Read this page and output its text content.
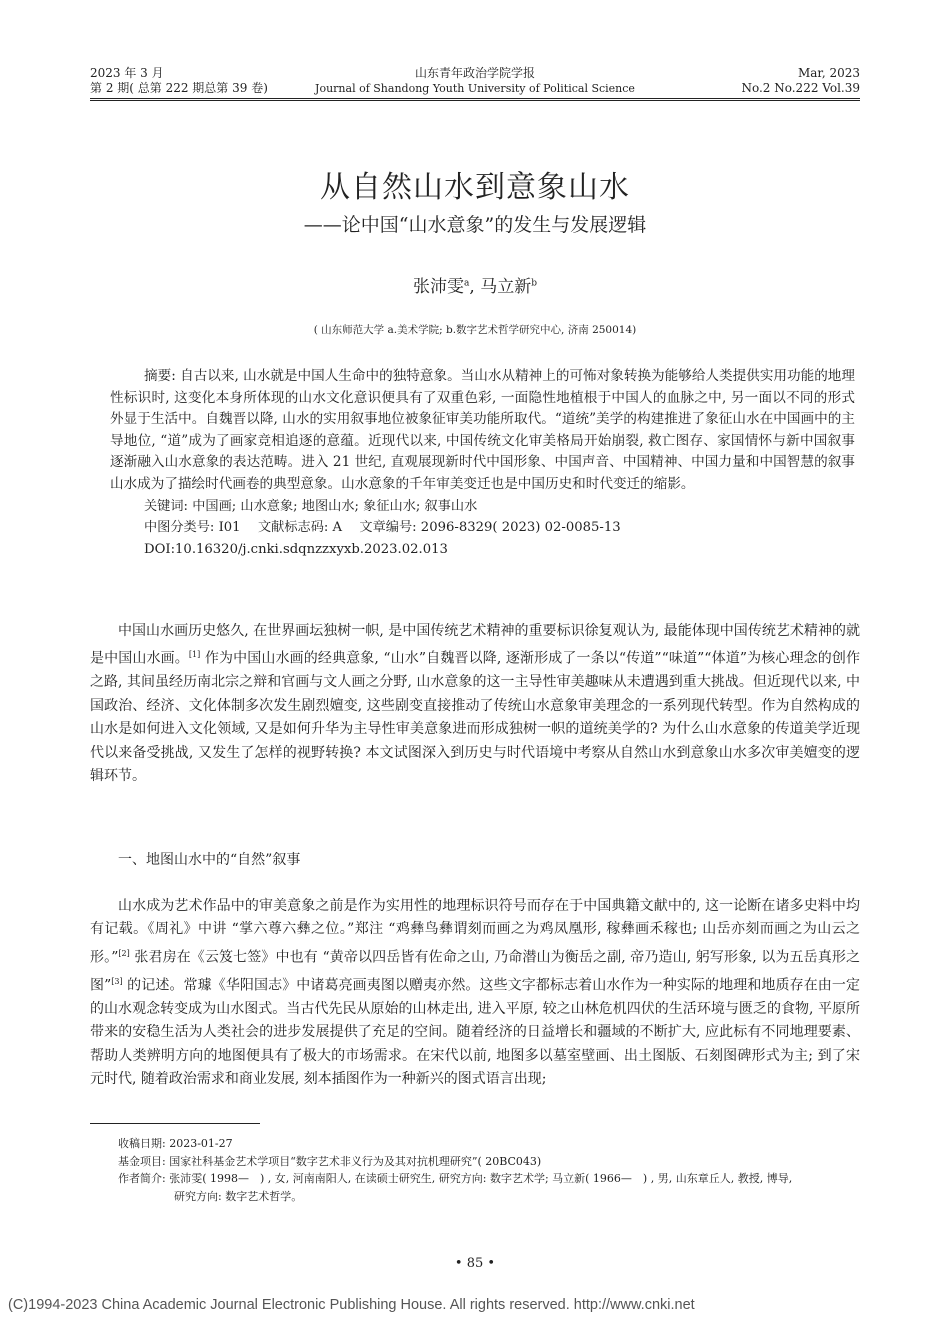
2023 年 3 月
第 2 期( 总第 222 期总第 39 卷)
山东青年政治学院学报
Journal of Shandong Youth University of Political Science
Mar, 2023
No.2 No.222 Vol.39
从自然山水到意象山水
——论中国“山水意象”的发生与发展逻辑
张沛雯$^a$, 马立新$^b$
( 山东师范大学 a.美术学院; b.数字艺术哲学研究中心, 济南 250014)

摘要: 自古以来, 山水就是中国人生命中的独特意象。当山水从精神上的可怖对象转换为能够给人类提供实用功能的地理性标识时, 这变化本身所体现的山水文化意识便具有了双重色彩, 一面隐性地植根于中国人的血脉之中, 另一面以不同的形式外显于生活中。自魏晋以降, 山水的实用叙事地位被象征审美功能所取代。“道统”美学的构建推进了象征山水在中国画中的主导地位, “道”成为了画家竞相追逐的意蕴。近现代以来, 中国传统文化审美格局开始崩裂, 救亡图存、家国情怀与新中国叙事逐渐融入山水意象的表达范畴。进入 21 世纪, 直观展现新时代中国形象、中国声音、中国精神、中国力量和中国智慧的叙事山水成为了描绘时代画卷的典型意象。山水意象的千年审美变迁也是中国历史和时代变迁的缩影。

关键词: 中国画; 山水意象; 地图山水; 象征山水; 叙事山水
中图分类号: I01　 文献标志码: A　 文章编号: 2096-8329( 2023) 02-0085-13
DOI:10.16320/j.cnki.sdqnzzxyxb.2023.02.013

中国山水画历史悠久, 在世界画坛独树一帜, 是中国传统艺术精神的重要标识徐复观认为, 最能体现中国传统艺术精神的就是中国山水画。[1] 作为中国山水画的经典意象, “山水”自魏晋以降, 逐渐形成了一条以“传道”“味道”“体道”为核心理念的创作之路, 其间虽经历南北宗之辩和官画与文人画之分野, 山水意象的这一主导性审美趣味从未遭遇到重大挑战。但近现代以来, 中国政治、经济、文化体制多次发生剧烈嬗变, 这些剧变直接推动了传统山水意象审美理念的一系列现代转型。作为自然构成的山水是如何进入文化领域, 又是如何升华为主导性审美意象进而形成独树一帜的道统美学的? 为什么山水意象的传道美学近现代以来备受挑战, 又发生了怎样的视野转换? 本文试图深入到历史与时代语境中考察从自然山水到意象山水多次审美嬗变的逻辑环节。

一、地图山水中的“自然”叙事

山水成为艺术作品中的审美意象之前是作为实用性的地理标识符号而存在于中国典籍文献中的, 这一论断在诸多史料中均有记载。《周礼》中讲 “掌六尊六彝之位。”郑注 “鸡彝鸟彝谓刻而画之为鸡凤凰形, 稼彝画禾稼也; 山岳亦刻而画之为山云之形。”[2] 张君房在《云笈七签》中也有 “黄帝以四岳皆有佐命之山, 乃命潜山为衡岳之副, 帝乃造山, 躬写形象, 以为五岳真形之图”[3] 的记述。常璩《华阳国志》中诸葛亮画夷图以赠夷亦然。这些文字都标志着山水作为一种实际的地理和地质存在由一定的山水观念转变成为山水图式。当古代先民从原始的山林走出, 进入平原, 较之山林危机四伏的生活环境与匮乏的食物, 平原所带来的安稳生活为人类社会的进步发展提供了充足的空间。随着经济的日益增长和疆域的不断扩大, 应此标有不同地理要素、帮助人类辨明方向的地图便具有了极大的市场需求。在宋代以前, 地图多以墓室壁画、出土图版、石刻图碑形式为主; 到了宋元时代, 随着政治需求和商业发展, 刻本插图作为一种新兴的图式语言出现;

收稿日期: 2023-01-27
基金项目: 国家社科基金艺术学项目“数字艺术非义行为及其对抗机理研究”( 20BC043)
作者简介: 张沛雯( 1998—　) , 女, 河南南阳人, 在读硕士研究生, 研究方向: 数字艺术学; 马立新( 1966—　) , 男, 山东章丘人, 教授, 博导,
研究方向: 数字艺术哲学。
• 85 •
(C)1994-2023 China Academic Journal Electronic Publishing House. All rights reserved. http://www.cnki.net
